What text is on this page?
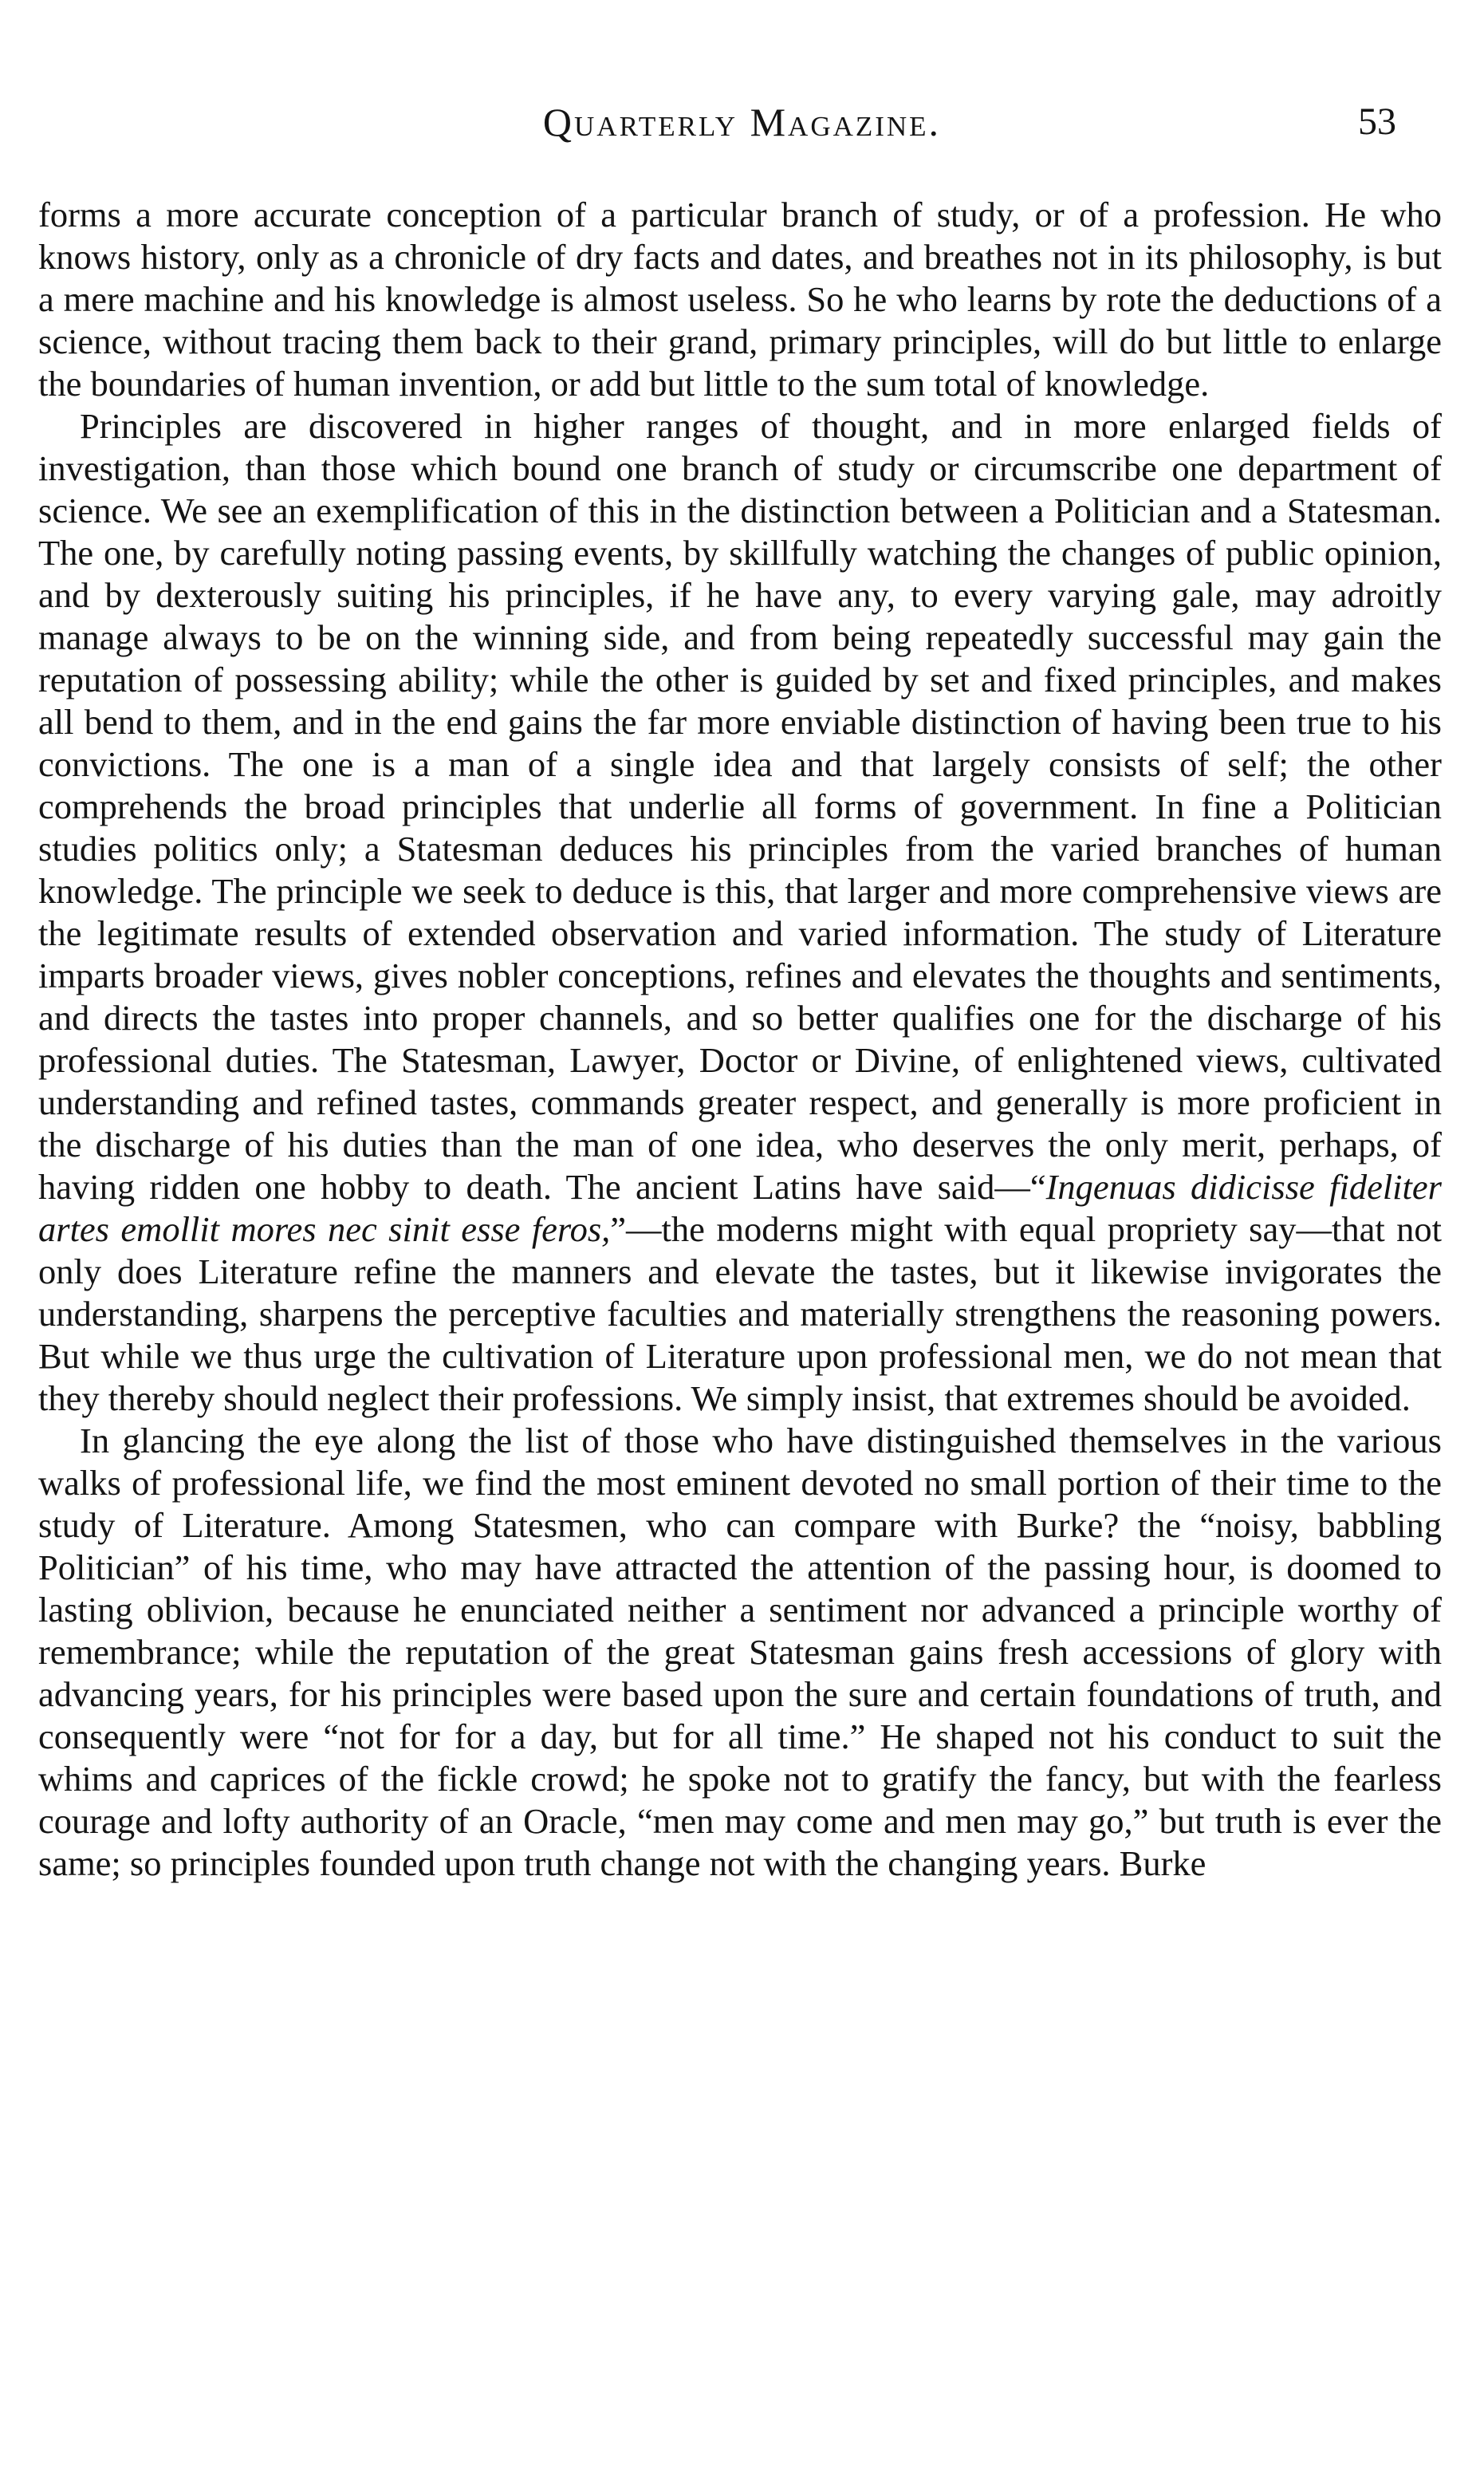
Quarterly Magazine.	53

forms a more accurate conception of a particular branch of study, or of a profession. He who knows history, only as a chronicle of dry facts and dates, and breathes not in its philosophy, is but a mere machine and his knowledge is almost useless. So he who learns by rote the deductions of a science, without tracing them back to their grand, primary principles, will do but little to enlarge the boundaries of human invention, or add but little to the sum total of knowledge.

Principles are discovered in higher ranges of thought, and in more enlarged fields of investigation, than those which bound one branch of study or circumscribe one department of science. We see an exemplification of this in the distinction between a Politician and a Statesman. The one, by carefully noting passing events, by skillfully watching the changes of public opinion, and by dexterously suiting his principles, if he have any, to every varying gale, may adroitly manage always to be on the winning side, and from being repeatedly successful may gain the reputation of possessing ability; while the other is guided by set and fixed principles, and makes all bend to them, and in the end gains the far more enviable distinction of having been true to his convictions. The one is a man of a single idea and that largely consists of self; the other comprehends the broad principles that underlie all forms of government. In fine a Politician studies politics only; a Statesman deduces his principles from the varied branches of human knowledge. The principle we seek to deduce is this, that larger and more comprehensive views are the legitimate results of extended observation and varied information. The study of Literature imparts broader views, gives nobler conceptions, refines and elevates the thoughts and sentiments, and directs the tastes into proper channels, and so better qualifies one for the discharge of his professional duties. The Statesman, Lawyer, Doctor or Divine, of enlightened views, cultivated understanding and refined tastes, commands greater respect, and generally is more proficient in the discharge of his duties than the man of one idea, who deserves the only merit, perhaps, of having ridden one hobby to death. The ancient Latins have said—“Ingenuas didicisse fideliter artes emollit mores nec sinit esse feros,”—the moderns might with equal propriety say—that not only does Literature refine the manners and elevate the tastes, but it likewise invigorates the understanding, sharpens the perceptive faculties and materially strengthens the reasoning powers. But while we thus urge the cultivation of Literature upon professional men, we do not mean that they thereby should neglect their professions. We simply insist, that extremes should be avoided.

In glancing the eye along the list of those who have distinguished themselves in the various walks of professional life, we find the most eminent devoted no small portion of their time to the study of Literature. Among Statesmen, who can compare with Burke? the “noisy, babbling Politician” of his time, who may have attracted the attention of the passing hour, is doomed to lasting oblivion, because he enunciated neither a sentiment nor advanced a principle worthy of remembrance; while the reputation of the great Statesman gains fresh accessions of glory with advancing years, for his principles were based upon the sure and certain foundations of truth, and consequently were “not for for a day, but for all time.” He shaped not his conduct to suit the whims and caprices of the fickle crowd; he spoke not to gratify the fancy, but with the fearless courage and lofty authority of an Oracle, “men may come and men may go,” but truth is ever the same; so principles founded upon truth change not with the changing years. Burke
